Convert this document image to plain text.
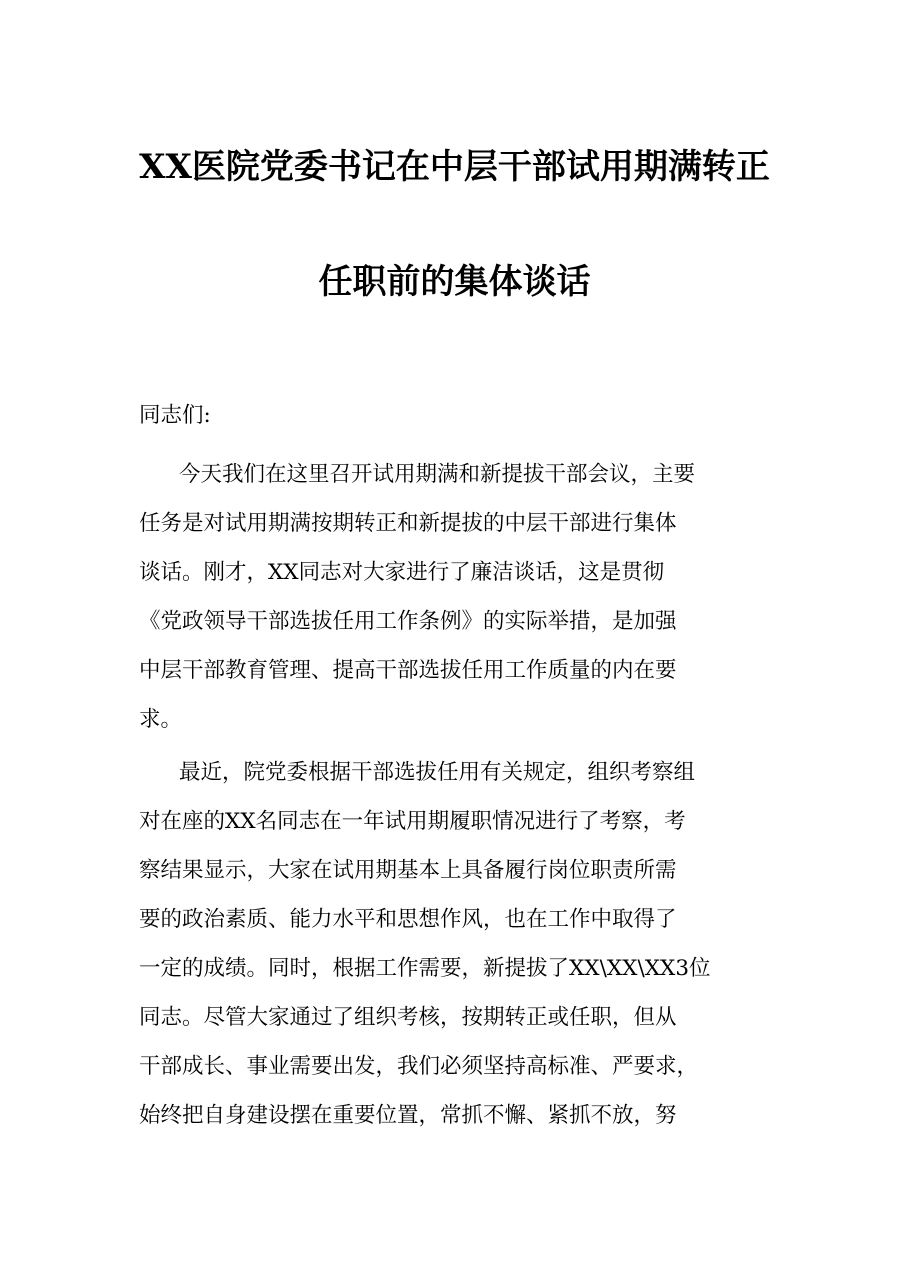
XX医院党委书记在中层干部试用期满转正
任职前的集体谈话
同志们:
今天我们在这里召开试用期满和新提拔干部会议，主要
任务是对试用期满按期转正和新提拔的中层干部进行集体
谈话。刚才，XX同志对大家进行了廉洁谈话，这是贯彻
《党政领导干部选拔任用工作条例》的实际举措，是加强
中层干部教育管理、提高干部选拔任用工作质量的内在要
求。
最近，院党委根据干部选拔任用有关规定，组织考察组
对在座的XX名同志在一年试用期履职情况进行了考察，考
察结果显示，大家在试用期基本上具备履行岗位职责所需
要的政治素质、能力水平和思想作风，也在工作中取得了
一定的成绩。同时，根据工作需要，新提拔了XX\XX\XX3位
同志。尽管大家通过了组织考核，按期转正或任职，但从
干部成长、事业需要出发，我们必须坚持高标准、严要求，
始终把自身建设摆在重要位置，常抓不懈、紧抓不放，努
